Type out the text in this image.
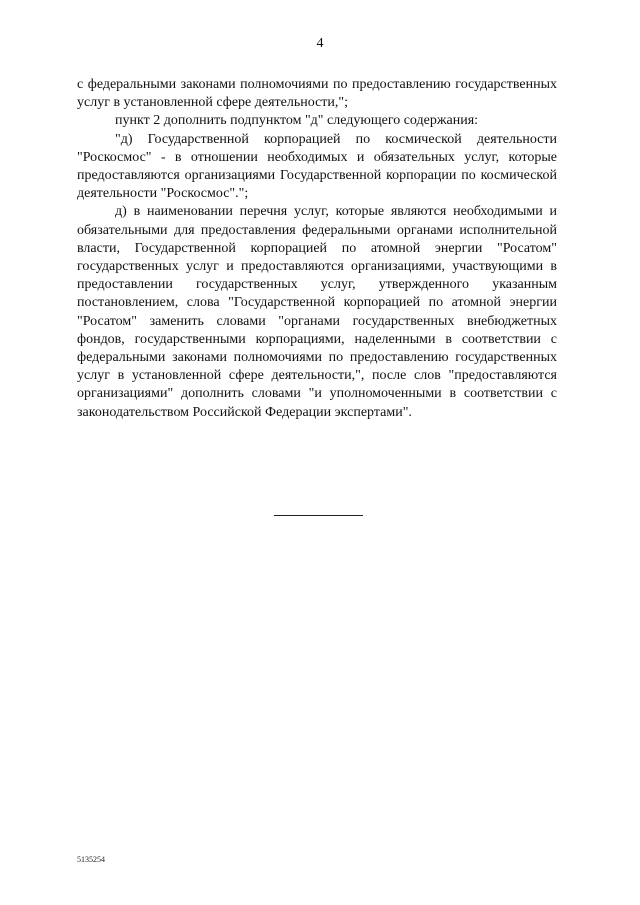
4

с федеральными законами полномочиями по предоставлению государственных услуг в установленной сфере деятельности,";

пункт 2 дополнить подпунктом "д" следующего содержания:

"д) Государственной корпорацией по космической деятельности "Роскосмос" - в отношении необходимых и обязательных услуг, которые предоставляются организациями Государственной корпорации по космической деятельности "Роскосмос".";

д) в наименовании перечня услуг, которые являются необходимыми и обязательными для предоставления федеральными органами исполнительной власти, Государственной корпорацией по атомной энергии "Росатом" государственных услуг и предоставляются организациями, участвующими в предоставлении государственных услуг, утвержденного указанным постановлением, слова "Государственной корпорацией по атомной энергии "Росатом" заменить словами "органами государственных внебюджетных фондов, государственными корпорациями, наделенными в соответствии с федеральными законами полномочиями по предоставлению государственных услуг в установленной сфере деятельности,", после слов "предоставляются организациями" дополнить словами "и уполномоченными в соответствии с законодательством Российской Федерации экспертами".

5135254
